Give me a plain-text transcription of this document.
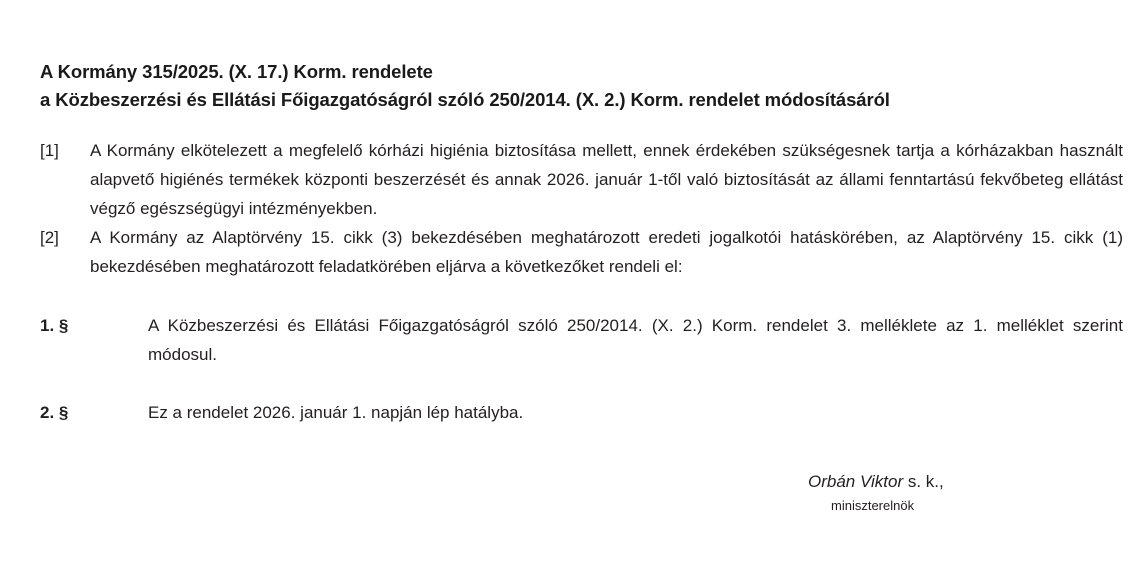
A Kormány 315/2025. (X. 17.) Korm. rendelete
a Közbeszerzési és Ellátási Főigazgatóságról szóló 250/2014. (X. 2.) Korm. rendelet módosításáról
[1]	A Kormány elkötelezett a megfelelő kórházi higiénia biztosítása mellett, ennek érdekében szükségesnek tartja a kórházakban használt alapvető higiénés termékek központi beszerzését és annak 2026. január 1-től való biztosítását az állami fenntartású fekvőbeteg ellátást végző egészségügyi intézményekben.
[2]	A Kormány az Alaptörvény 15. cikk (3) bekezdésében meghatározott eredeti jogalkotói hatáskörében, az Alaptörvény 15. cikk (1) bekezdésében meghatározott feladatkörében eljárva a következőket rendeli el:
1. §	A Közbeszerzési és Ellátási Főigazgatóságról szóló 250/2014. (X. 2.) Korm. rendelet 3. melléklete az 1. melléklet szerint módosul.
2. §	Ez a rendelet 2026. január 1. napján lép hatályba.
Orbán Viktor s. k.,
miniszterelnök
